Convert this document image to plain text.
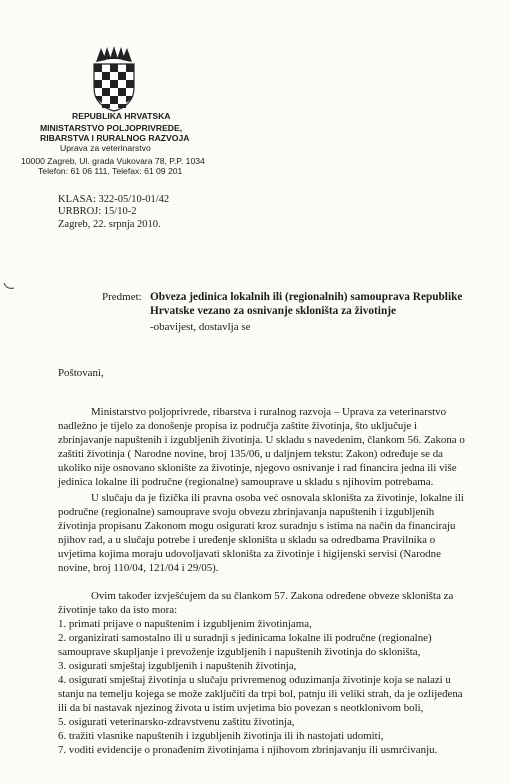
REPUBLIKA HRVATSKA
MINISTARSTVO POLJOPRIVREDE,
RIBARSTVA I RURALNOG RAZVOJA
Uprava za veterinarstvo
10000 Zagreb, Ul. grada Vukovara 78, P.P. 1034
Telefon: 61 06 111, Telefax: 61 09 201
KLASA: 322-05/10-01/42
URBROJ: 15/10-2
Zagreb, 22. srpnja 2010.
Predmet: Obveza jedinica lokalnih ili (regionalnih) samouprava Republike
Hrvatske vezano za osnivanje skloništa za životinje
-obavijest, dostavlja se
Poštovani,
Ministarstvo poljoprivrede, ribarstva i ruralnog razvoja – Uprava za veterinarstvo
nadležno je tijelo za donošenje propisa iz područja zaštite životinja, što uključuje i
zbrinjavanje napuštenih i izgubljenih životinja. U skladu s navedenim, člankom 56. Zakona o
zaštiti životinja ( Narodne novine, broj 135/06, u daljnjem tekstu: Zakon) određuje se da
ukoliko nije osnovano sklonište za životinje, njegovo osnivanje i rad financira jedna ili više
jedinica lokalne ili područne (regionalne) samouprave u skladu s njihovim potrebama.
U slučaju da je fizička ili pravna osoba već osnovala skloništa za životinje, lokalne ili
područne (regionalne) samouprave svoju obvezu zbrinjavanja napuštenih i izgubljenih
životinja propisanu Zakonom mogu osigurati kroz suradnju s istima na način da financiraju
njihov rad, a u slučaju potrebe i uređenje skloništa u skladu sa odredbama Pravilnika o
uvjetima kojima moraju udovoljavati skloništa za životinje i higijenski servisi (Narodne
novine, broj 110/04, 121/04 i 29/05).
Ovim također izvješćujem da su člankom 57. Zakona određene obveze skloništa za
životinje tako da isto mora:
1. primati prijave o napuštenim i izgubljenim životinjama,
2. organizirati samostalno ili u suradnji s jedinicama lokalne ili područne (regionalne)
samouprave skupljanje i prevoženje izgubljenih i napuštenih životinja do skloništa,
3. osigurati smještaj izgubljenih i napuštenih životinja,
4. osigurati smještaj životinja u slučaju privremenog oduzimanja životinje koja se nalazi u
stanju na temelju kojega se može zaključiti da trpi bol, patnju ili veliki strah, da je ozlijeđena
ili da bi nastavak njezinog života u istim uvjetima bio povezan s neotklonivom boli,
5. osigurati veterinarsko-zdravstvenu zaštitu životinja,
6. tražiti vlasnike napuštenih i izgubljenih životinja ili ih nastojati udomiti,
7. voditi evidencije o pronađenim životinjama i njihovom zbrinjavanju ili usmrćivanju.
